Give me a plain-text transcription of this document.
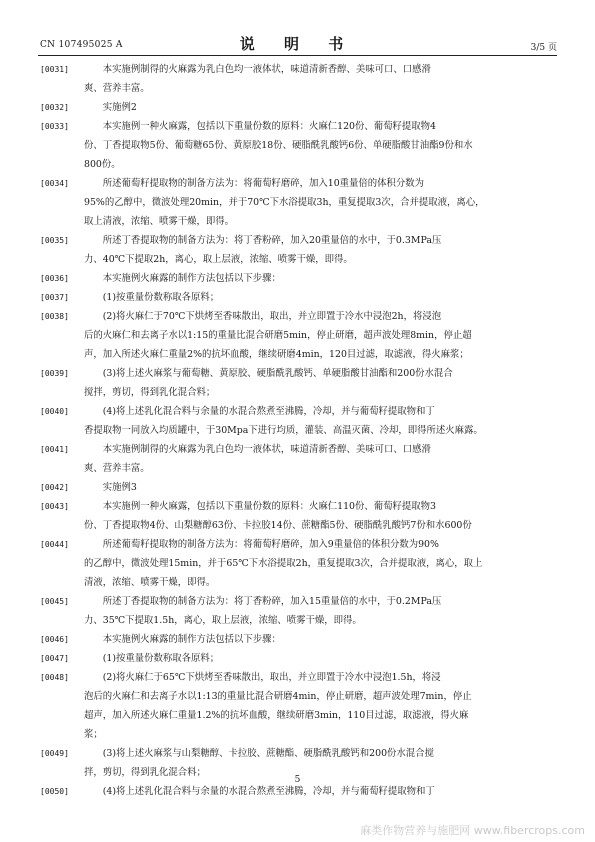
CN 107495025 A	说 明 书	3/5 页
[0031]	　　本实施例制得的火麻露为乳白色均一液体状，味道清新香醇、美味可口、口感滑
爽、营养丰富。
[0032]	　　实施例2
[0033]	　　本实施例一种火麻露，包括以下重量份数的原料：火麻仁120份、葡萄籽提取物4
份、丁香提取物5份、葡萄糖65份、黄原胶18份、硬脂酰乳酸钙6份、单硬脂酸甘油酯9份和水
800份。
[0034]	　　所述葡萄籽提取物的制备方法为：将葡萄籽磨碎，加入10重量倍的体积分数为
95%的乙醇中，微波处理20min，并于70℃下水浴提取3h，重复提取3次，合并提取液，离心，
取上清液，浓缩、喷雾干燥，即得。
[0035]	　　所述丁香提取物的制备方法为：将丁香粉碎，加入20重量倍的水中，于0.3MPa压
力、40℃下提取2h，离心，取上层液，浓缩、喷雾干燥，即得。
[0036]	　　本实施例火麻露的制作方法包括以下步骤：
[0037]	　　(1)按重量份数称取各原料；
[0038]	　　(2)将火麻仁于70℃下烘烤至香味散出，取出，并立即置于冷水中浸泡2h，将浸泡
后的火麻仁和去离子水以1:15的重量比混合研磨5min，停止研磨，超声波处理8min，停止超
声，加入所述火麻仁重量2%的抗坏血酸，继续研磨4min，120目过滤，取滤液，得火麻浆；
[0039]	　　(3)将上述火麻浆与葡萄糖、黄原胶、硬脂酰乳酸钙、单硬脂酸甘油酯和200份水混合
搅拌，剪切，得到乳化混合料；
[0040]	　　(4)将上述乳化混合料与余量的水混合熬煮至沸腾，冷却，并与葡萄籽提取物和丁
香提取物一同放入均质罐中，于30Mpa下进行均质，灌装、高温灭菌、冷却，即得所述火麻露。
[0041]	　　本实施例制得的火麻露为乳白色均一液体状，味道清新香醇、美味可口、口感滑
爽、营养丰富。
[0042]	　　实施例3
[0043]	　　本实施例一种火麻露，包括以下重量份数的原料：火麻仁110份、葡萄籽提取物3
份、丁香提取物4份、山梨糖醇63份、卡拉胶14份、蔗糖酯5份、硬脂酰乳酸钙7份和水600份
[0044]	　　所述葡萄籽提取物的制备方法为：将葡萄籽磨碎，加入9重量倍的体积分数为90%
的乙醇中，微波处理15min，并于65℃下水浴提取2h，重复提取3次，合并提取液，离心，取上
清液，浓缩、喷雾干燥，即得。
[0045]	　　所述丁香提取物的制备方法为：将丁香粉碎，加入15重量倍的水中，于0.2MPa压
力、35℃下提取1.5h，离心，取上层液，浓缩、喷雾干燥，即得。
[0046]	　　本实施例火麻露的制作方法包括以下步骤：
[0047]	　　(1)按重量份数称取各原料；
[0048]	　　(2)将火麻仁于65℃下烘烤至香味散出，取出，并立即置于冷水中浸泡1.5h，将浸
泡后的火麻仁和去离子水以1:13的重量比混合研磨4min，停止研磨，超声波处理7min，停止
超声，加入所述火麻仁重量1.2%的抗坏血酸，继续研磨3min，110目过滤，取滤液，得火麻
浆；
[0049]	　　(3)将上述火麻浆与山梨糖醇、卡拉胶、蔗糖酯、硬脂酰乳酸钙和200份水混合搅
拌，剪切，得到乳化混合料；
[0050]	　　(4)将上述乳化混合料与余量的水混合熬煮至沸腾，冷却，并与葡萄籽提取物和丁
5
麻类作物营养与施肥网 www.fibercrops.com
